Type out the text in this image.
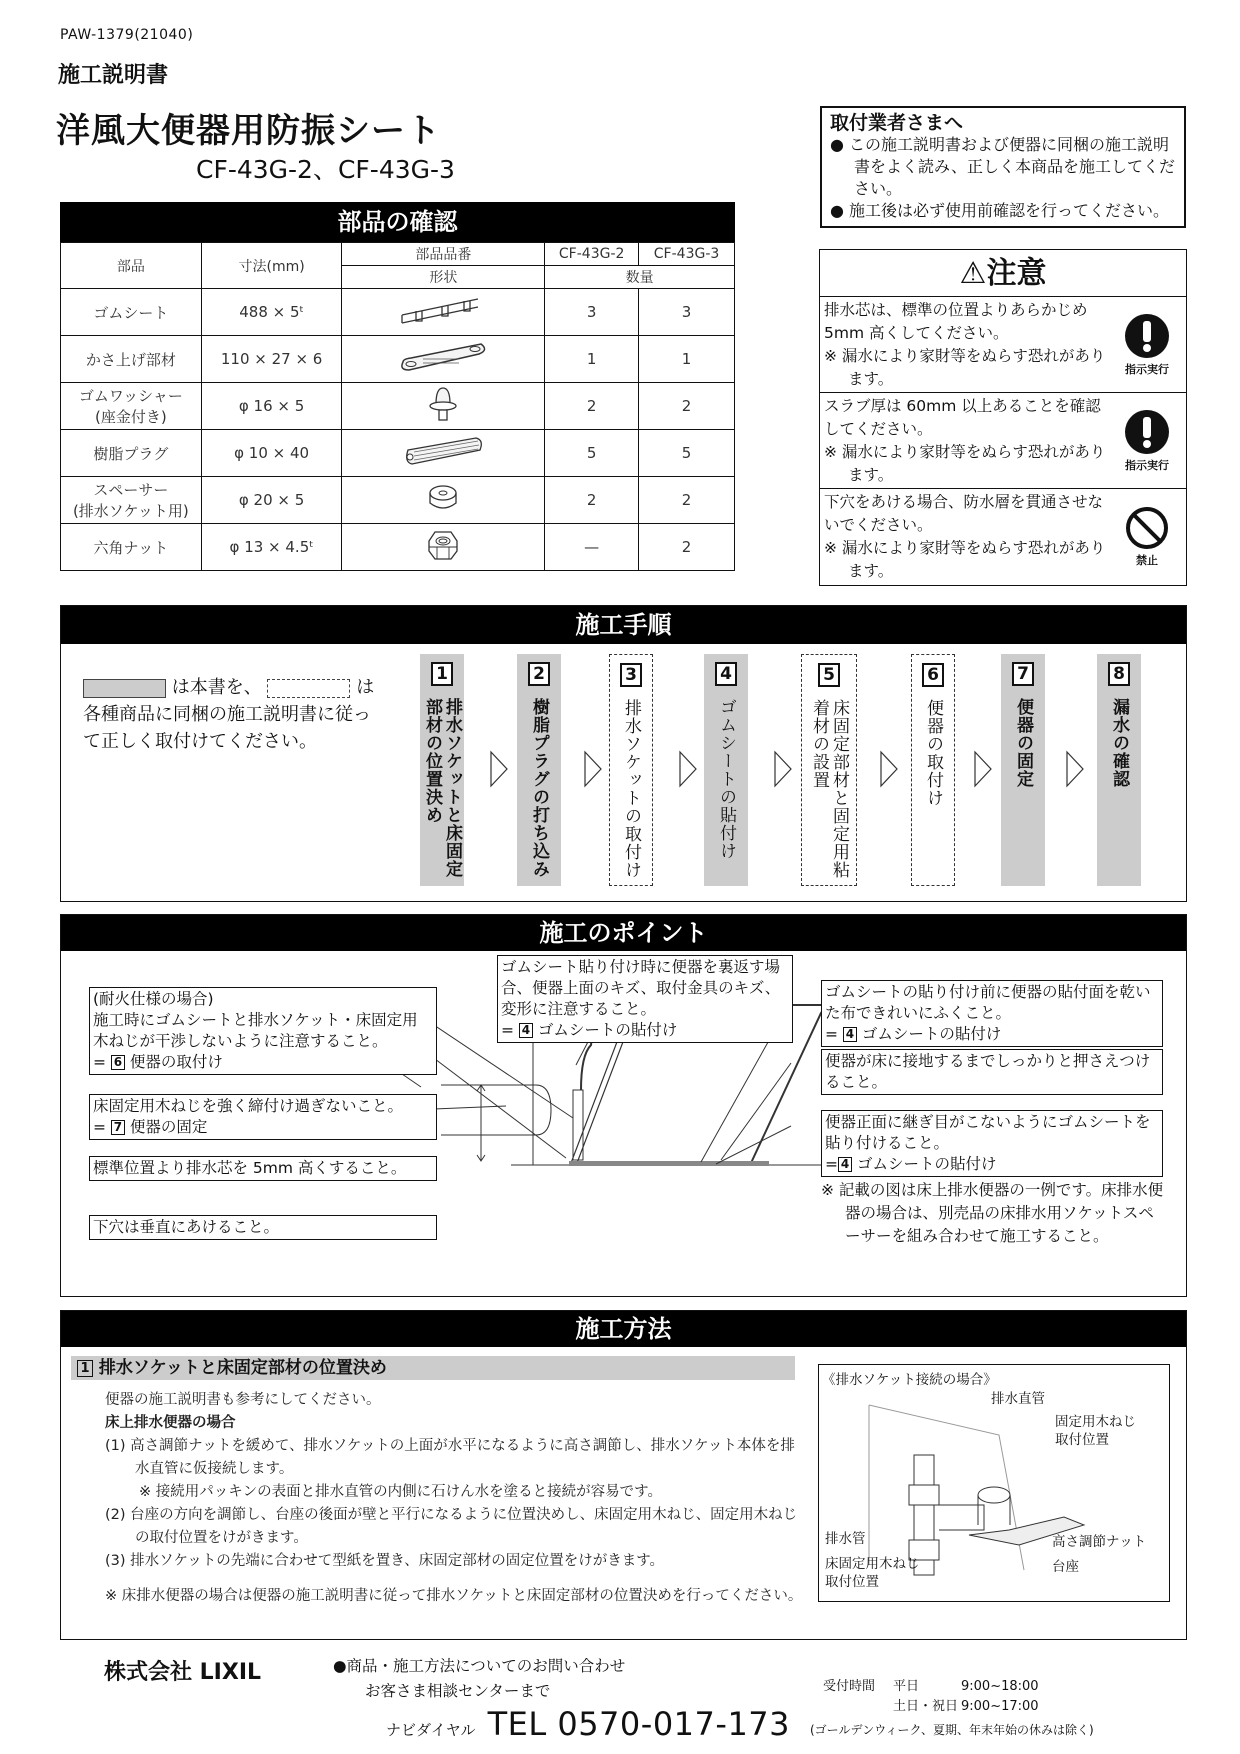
PAW-1379(21040)
施工説明書
洋風大便器用防振シート
CF-43G-2、CF-43G-3
取付業者さまへ
● この施工説明書および便器に同梱の施工説明書をよく読み、正しく本商品を施工してください。
● 施工後は必ず使用前確認を行ってください。
部品の確認
部品	寸法(mm)	部品品番	CF-43G-2	CF-43G-3
		形状	数量	
ゴムシート	488 × 5ᵗ		3	3
かさ上げ部材	110 × 27 × 6		1	1

ゴムワッシャー
(座金付き)	φ 16 × 5		2	2
樹脂プラグ	φ 10 × 40		5	5

スペーサー
(排水ソケット用)	φ 20 × 5		2	2
六角ナット	φ 13 × 4.5ᵗ		—	2
⚠注意
排水芯は、標準の位置よりあらかじめ 5mm 高くしてください。
※ 漏水により家財等をぬらす恐れがあります。
指示実行
スラブ厚は 60mm 以上あることを確認してください。
※ 漏水により家財等をぬらす恐れがあります。
指示実行
下穴をあける場合、防水層を貫通させないでください。
※ 漏水により家財等をぬらす恐れがあります。
禁止
施工手順
は本書を、	は
各種商品に同梱の施工説明書に従って正しく取付けてください。
1
排水ソケットと床固定部材の位置決め
2
樹脂プラグの打ち込み
3
排水ソケットの取付け
4
ゴムシートの貼付け
5
床固定部材と固定用粘着材の設置
6
便器の取付け
7
便器の固定
8
漏水の確認
施工のポイント
(耐火仕様の場合)
施工時にゴムシートと排水ソケット・床固定用木ねじが干渉しないように注意すること。
= 6 便器の取付け
床固定用木ねじを強く締付け過ぎないこと。
= 7 便器の固定
標準位置より排水芯を 5mm 高くすること。
下穴は垂直にあけること。
ゴムシート貼り付け時に便器を裏返す場合、便器上面のキズ、取付金具のキズ、変形に注意すること。
= 4 ゴムシートの貼付け
ゴムシートの貼り付け前に便器の貼付面を乾いた布できれいにふくこと。
= 4 ゴムシートの貼付け
便器が床に接地するまでしっかりと押さえつけること。
便器正面に継ぎ目がこないようにゴムシートを貼り付けること。
= 4 ゴムシートの貼付け
※ 記載の図は床上排水便器の一例です。床排水便器の場合は、別売品の床排水用ソケットスペーサーを組み合わせて施工すること。
施工方法
1 排水ソケットと床固定部材の位置決め
便器の施工説明書も参考にしてください。
床上排水便器の場合
(1) 高さ調節ナットを緩めて、排水ソケットの上面が水平になるように高さ調節し、排水ソケット本体を排水直管に仮接続します。
※ 接続用パッキンの表面と排水直管の内側に石けん水を塗ると接続が容易です。
(2) 台座の方向を調節し、台座の後面が壁と平行になるように位置決めし、床固定用木ねじ、固定用木ねじの取付位置をけがきます。
(3) 排水ソケットの先端に合わせて型紙を置き、床固定部材の固定位置をけがきます。
※ 床排水便器の場合は便器の施工説明書に従って排水ソケットと床固定部材の位置決めを行ってください。
《排水ソケット接続の場合》
排水直管
固定用木ねじ
取付位置
排水管	高さ調節ナット
床固定用木ねじ
取付位置
台座
株式会社 LIXIL	●商品・施工方法についてのお問い合わせ
お客さま相談センターまで
ナビダイヤル TEL 0570-017-173
受付時間	平日	9:00~18:00
土日・祝日 9:00~17:00
(ゴールデンウィーク、夏期、年末年始の休みは除く)
